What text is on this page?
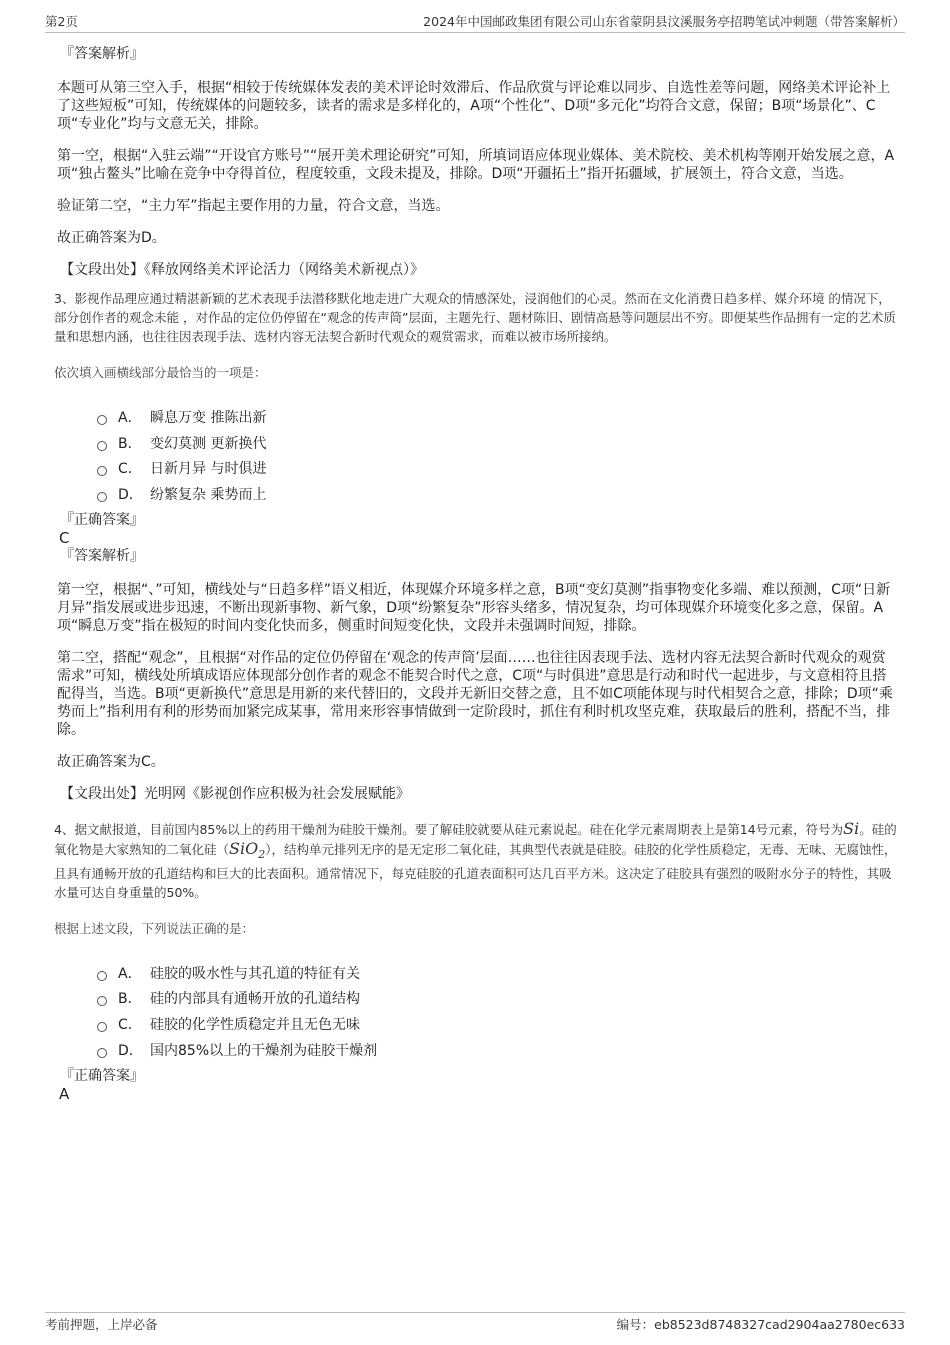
第2页	2024年中国邮政集团有限公司山东省蒙阴县汶溪服务亭招聘笔试冲刺题（带答案解析）
『答案解析』

本题可从第三空入手，根据“相较于传统媒体发表的美术评论时效滞后、作品欣赏与评论难以同步、自选性差等问题，网络美术评论补上了这些短板”可知，传统媒体的问题较多，读者的需求是多样化的，A项“个性化”、D项“多元化”均符合文意，保留；B项“场景化”、C项“专业化”均与文意无关，排除。

第一空，根据“入驻云端”“开设官方账号”“展开美术理论研究”可知，所填词语应体现业媒体、美术院校、美术机构等刚开始发展之意，A项“独占鳌头”比喻在竞争中夺得首位，程度较重，文段未提及，排除。D项“开疆拓土”指开拓疆域，扩展领土，符合文意，当选。

验证第二空，“主力军”指起主要作用的力量，符合文意，当选。

故正确答案为D。

【文段出处】《释放网络美术评论活力（网络美术新视点）》

3、影视作品理应通过精湛新颖的艺术表现手法潜移默化地走进广大观众的情感深处，浸润他们的心灵。然而在文化消费日趋多样、媒介环境 的情况下，部分创作者的观念未能 ，对作品的定位仍停留在“观念的传声筒”层面，主题先行、题材陈旧、剧情高悬等问题层出不穷。即便某些作品拥有一定的艺术质量和思想内涵，也往往因表现手法、选材内容无法契合新时代观众的观赏需求，而难以被市场所接纳。

依次填入画横线部分最恰当的一项是：

A． 瞬息万变 推陈出新
B． 变幻莫测 更新换代
C． 日新月异 与时俱进
D． 纷繁复杂 乘势而上
『正确答案』
C
『答案解析』

第一空，根据“、”可知，横线处与“日趋多样”语义相近，体现媒介环境多样之意，B项“变幻莫测”指事物变化多端、难以预测，C项“日新月异”指发展或进步迅速，不断出现新事物、新气象，D项“纷繁复杂”形容头绪多，情况复杂，均可体现媒介环境变化多之意，保留。A项“瞬息万变”指在极短的时间内变化快而多，侧重时间短变化快，文段并未强调时间短，排除。

第二空，搭配“观念”，且根据“对作品的定位仍停留在‘观念的传声筒’层面……也往往因表现手法、选材内容无法契合新时代观众的观赏需求”可知，横线处所填成语应体现部分创作者的观念不能契合时代之意，C项“与时俱进”意思是行动和时代一起进步，与文意相符且搭配得当，当选。B项“更新换代”意思是用新的来代替旧的，文段并无新旧交替之意，且不如C项能体现与时代相契合之意，排除；D项“乘势而上”指利用有利的形势而加紧完成某事，常用来形容事情做到一定阶段时，抓住有利时机攻坚克难，获取最后的胜利，搭配不当，排除。

故正确答案为C。

【文段出处】光明网《影视创作应积极为社会发展赋能》

4、据文献报道，目前国内85%以上的药用干燥剂为硅胶干燥剂。要了解硅胶就要从硅元素说起。硅在化学元素周期表上是第14号元素，符号为Si。硅的氧化物是大家熟知的二氧化硅（SiO$_2$），结构单元排列无序的是无定形二氧化硅，其典型代表就是硅胶。硅胶的化学性质稳定，无毒、无味、无腐蚀性，且具有通畅开放的孔道结构和巨大的比表面积。通常情况下，每克硅胶的孔道表面积可达几百平方米。这决定了硅胶具有强烈的吸附水分子的特性，其吸水量可达自身重量的50%。

根据上述文段，下列说法正确的是：

A． 硅胶的吸水性与其孔道的特征有关
B． 硅的内部具有通畅开放的孔道结构
C． 硅胶的化学性质稳定并且无色无味
D． 国内85%以上的干燥剂为硅胶干燥剂
『正确答案』
A
考前押题，上岸必备	编号：eb8523d8748327cad2904aa2780ec633
